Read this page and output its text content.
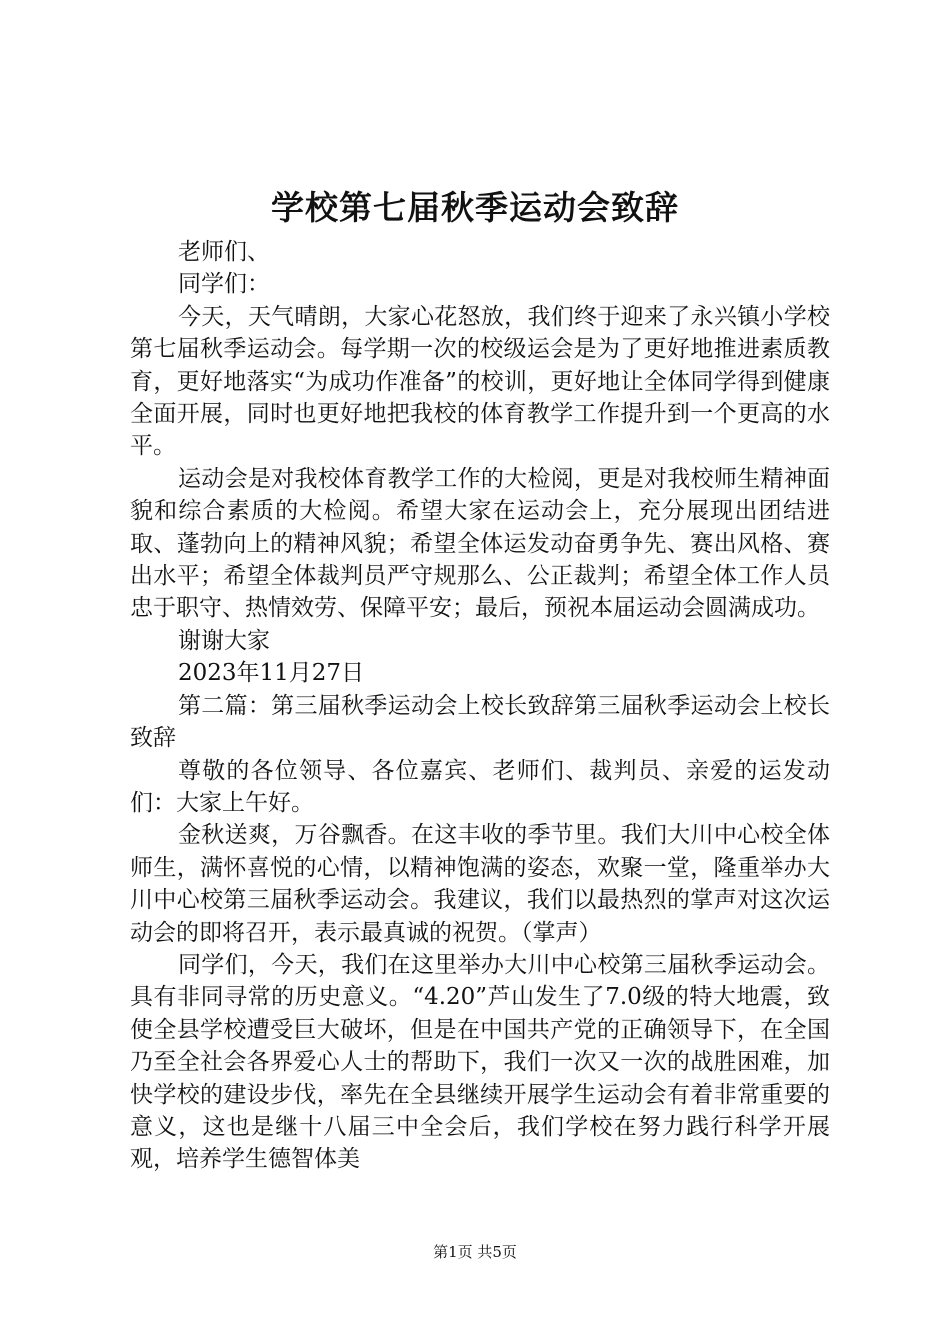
学校第七届秋季运动会致辞

老师们、

同学们：

今天，天气晴朗，大家心花怒放，我们终于迎来了永兴镇小学校第七届秋季运动会。每学期一次的校级运会是为了更好地推进素质教育，更好地落实“为成功作准备”的校训，更好地让全体同学得到健康全面开展，同时也更好地把我校的体育教学工作提升到一个更高的水平。

运动会是对我校体育教学工作的大检阅，更是对我校师生精神面貌和综合素质的大检阅。希望大家在运动会上，充分展现出团结进取、蓬勃向上的精神风貌；希望全体运发动奋勇争先、赛出风格、赛出水平；希望全体裁判员严守规那么、公正裁判；希望全体工作人员忠于职守、热情效劳、保障平安；最后，预祝本届运动会圆满成功。

谢谢大家

2023年11月27日

第二篇：第三届秋季运动会上校长致辞第三届秋季运动会上校长致辞

尊敬的各位领导、各位嘉宾、老师们、裁判员、亲爱的运发动们：大家上午好。

金秋送爽，万谷飘香。在这丰收的季节里。我们大川中心校全体师生，满怀喜悦的心情，以精神饱满的姿态，欢聚一堂，隆重举办大川中心校第三届秋季运动会。我建议，我们以最热烈的掌声对这次运动会的即将召开，表示最真诚的祝贺。（掌声）

同学们，今天，我们在这里举办大川中心校第三届秋季运动会。具有非同寻常的历史意义。“4.20”芦山发生了7.0级的特大地震，致使全县学校遭受巨大破坏，但是在中国共产党的正确领导下，在全国乃至全社会各界爱心人士的帮助下，我们一次又一次的战胜困难，加快学校的建设步伐，率先在全县继续开展学生运动会有着非常重要的意义，这也是继十八届三中全会后，我们学校在努力践行科学开展观，培养学生德智体美

第1页 共5页
